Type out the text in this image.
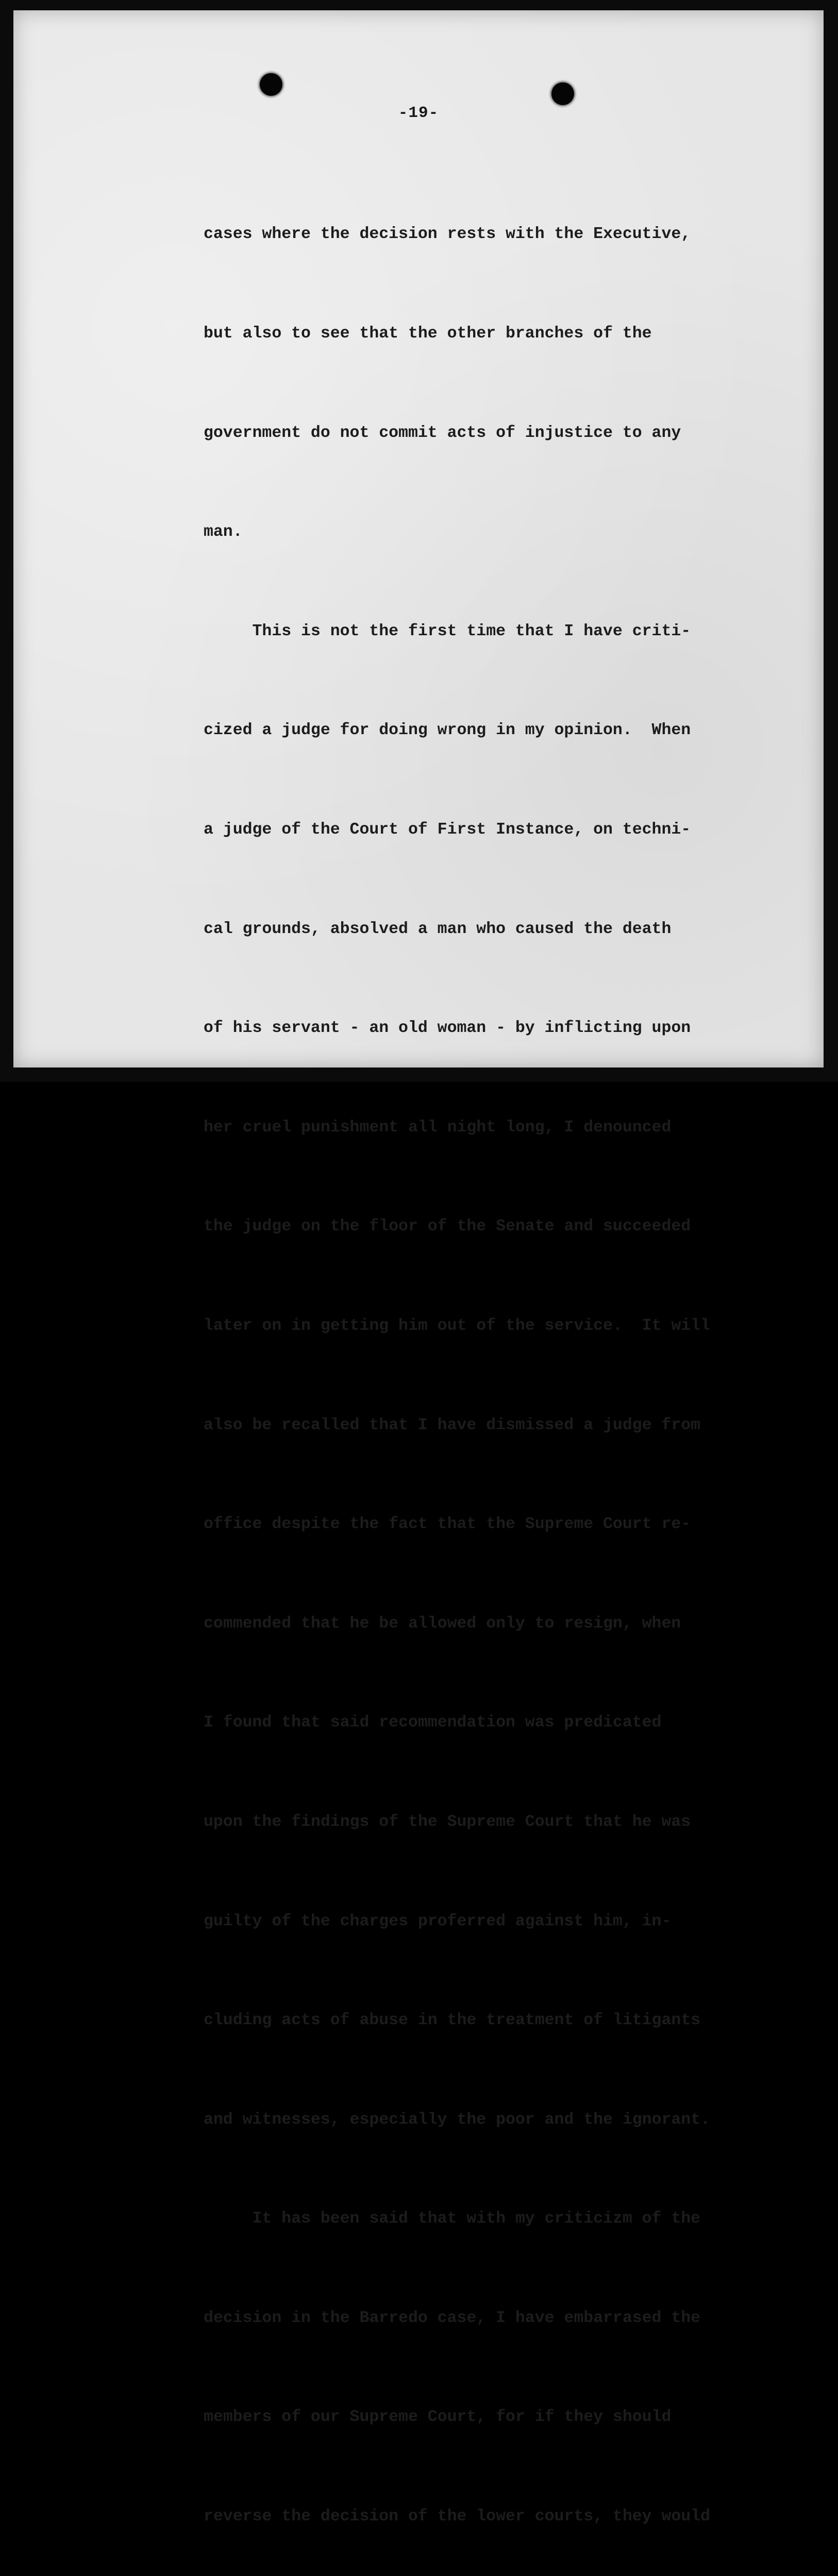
-19-

cases where the decision rests with the Executive,

but also to see that the other branches of the

government do not commit acts of injustice to any

man.

This is not the first time that I have criti-

cized a judge for doing wrong in my opinion.  When

a judge of the Court of First Instance, on techni-

cal grounds, absolved a man who caused the death

of his servant - an old woman - by inflicting upon

her cruel punishment all night long, I denounced

the judge on the floor of the Senate and succeeded

later on in getting him out of the service.  It will

also be recalled that I have dismissed a judge from

office despite the fact that the Supreme Court re-

commended that he be allowed only to resign, when

I found that said recommendation was predicated

upon the findings of the Supreme Court that he was

guilty of the charges proferred against him, in-

cluding acts of abuse in the treatment of litigants

and witnesses, especially the poor and the ignorant.

It has been said that with my criticizm of the

decision in the Barredo case, I have embarrased the

members of our Supreme Court, for if they should

reverse the decision of the lower courts, they would
